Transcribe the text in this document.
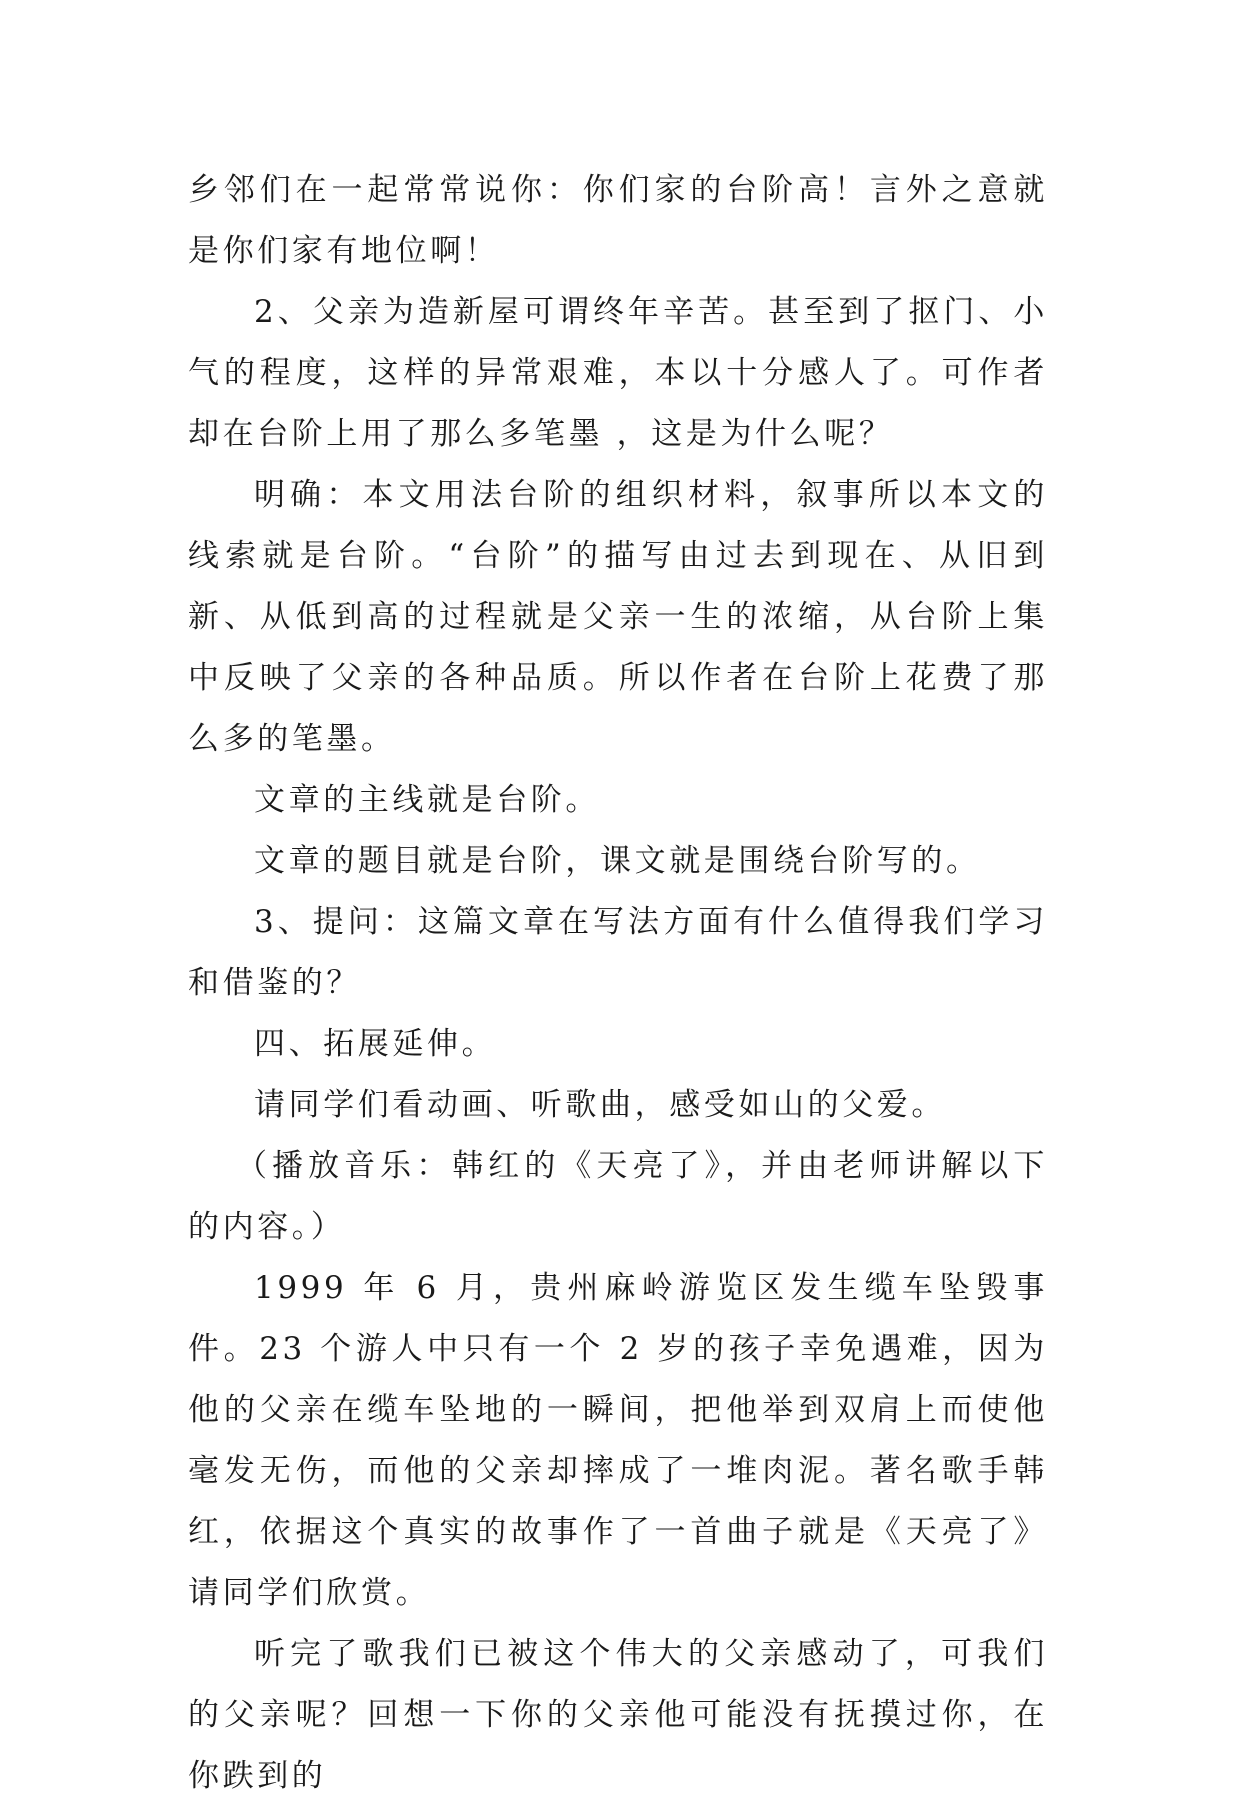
乡邻们在一起常常说你：你们家的台阶高！言外之意就是你们家有地位啊！

2、父亲为造新屋可谓终年辛苦。甚至到了抠门、小气的程度，这样的异常艰难，本以十分感人了。可作者却在台阶上用了那么多笔墨 ，这是为什么呢？

明确：本文用法台阶的组织材料，叙事所以本文的线索就是台阶。“台阶”的描写由过去到现在、从旧到新、从低到高的过程就是父亲一生的浓缩，从台阶上集中反映了父亲的各种品质。所以作者在台阶上花费了那么多的笔墨。

文章的主线就是台阶。

文章的题目就是台阶，课文就是围绕台阶写的。

3、提问：这篇文章在写法方面有什么值得我们学习和借鉴的？

四、拓展延伸。

请同学们看动画、听歌曲，感受如山的父爱。

（播放音乐：韩红的《天亮了》，并由老师讲解以下的内容。）

1999 年 6 月，贵州麻岭游览区发生缆车坠毁事件。23 个游人中只有一个 2 岁的孩子幸免遇难，因为他的父亲在缆车坠地的一瞬间，把他举到双肩上而使他毫发无伤，而他的父亲却摔成了一堆肉泥。著名歌手韩红，依据这个真实的故事作了一首曲子就是《天亮了》请同学们欣赏。

听完了歌我们已被这个伟大的父亲感动了，可我们的父亲呢？回想一下你的父亲他可能没有抚摸过你，在你跌到的
